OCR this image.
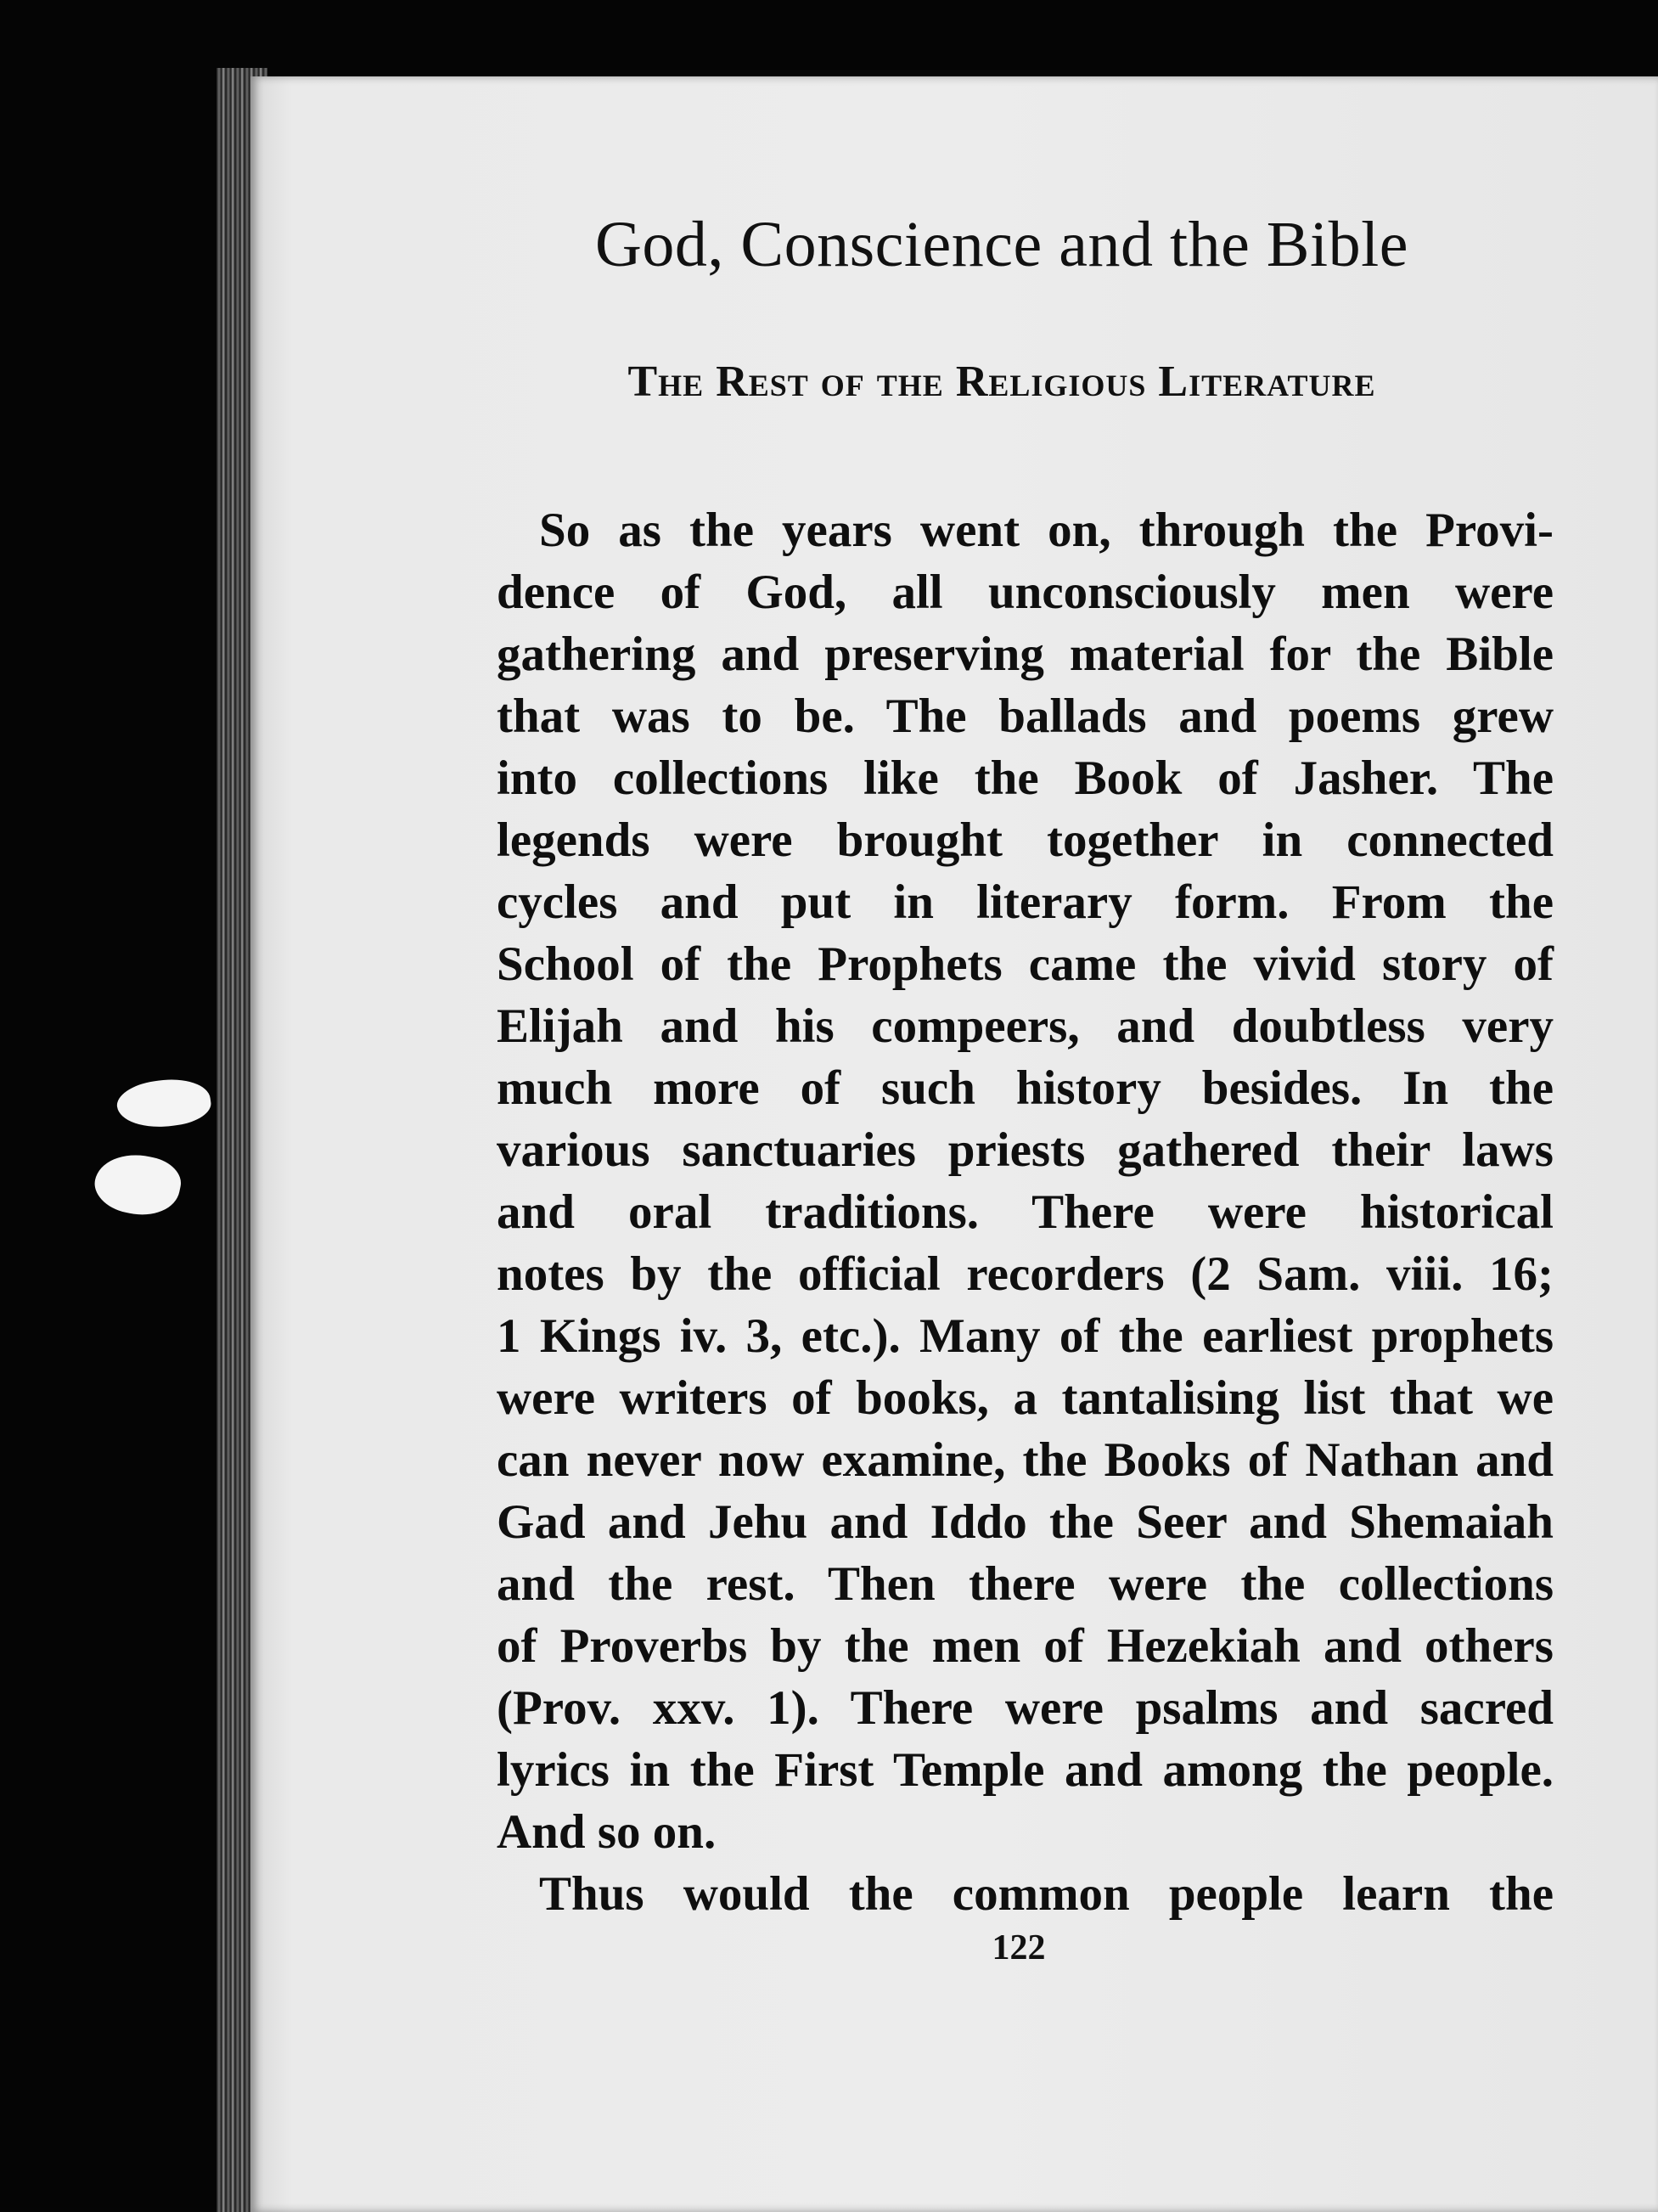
God, Conscience and the Bible
The Rest of the Religious Literature
So as the years went on, through the Provi-
dence of God, all unconsciously men were
gathering and preserving material for the Bible
that was to be. The ballads and poems grew
into collections like the Book of Jasher. The
legends were brought together in connected
cycles and put in literary form. From the
School of the Prophets came the vivid story of
Elijah and his compeers, and doubtless very
much more of such history besides. In the
various sanctuaries priests gathered their laws
and oral traditions. There were historical
notes by the official recorders (2 Sam. viii. 16;
1 Kings iv. 3, etc.). Many of the earliest prophets
were writers of books, a tantalising list that we
can never now examine, the Books of Nathan and
Gad and Jehu and Iddo the Seer and Shemaiah
and the rest. Then there were the collections
of Proverbs by the men of Hezekiah and others
(Prov. xxv. 1). There were psalms and sacred
lyrics in the First Temple and among the people.
And so on.
Thus would the common people learn the
122
